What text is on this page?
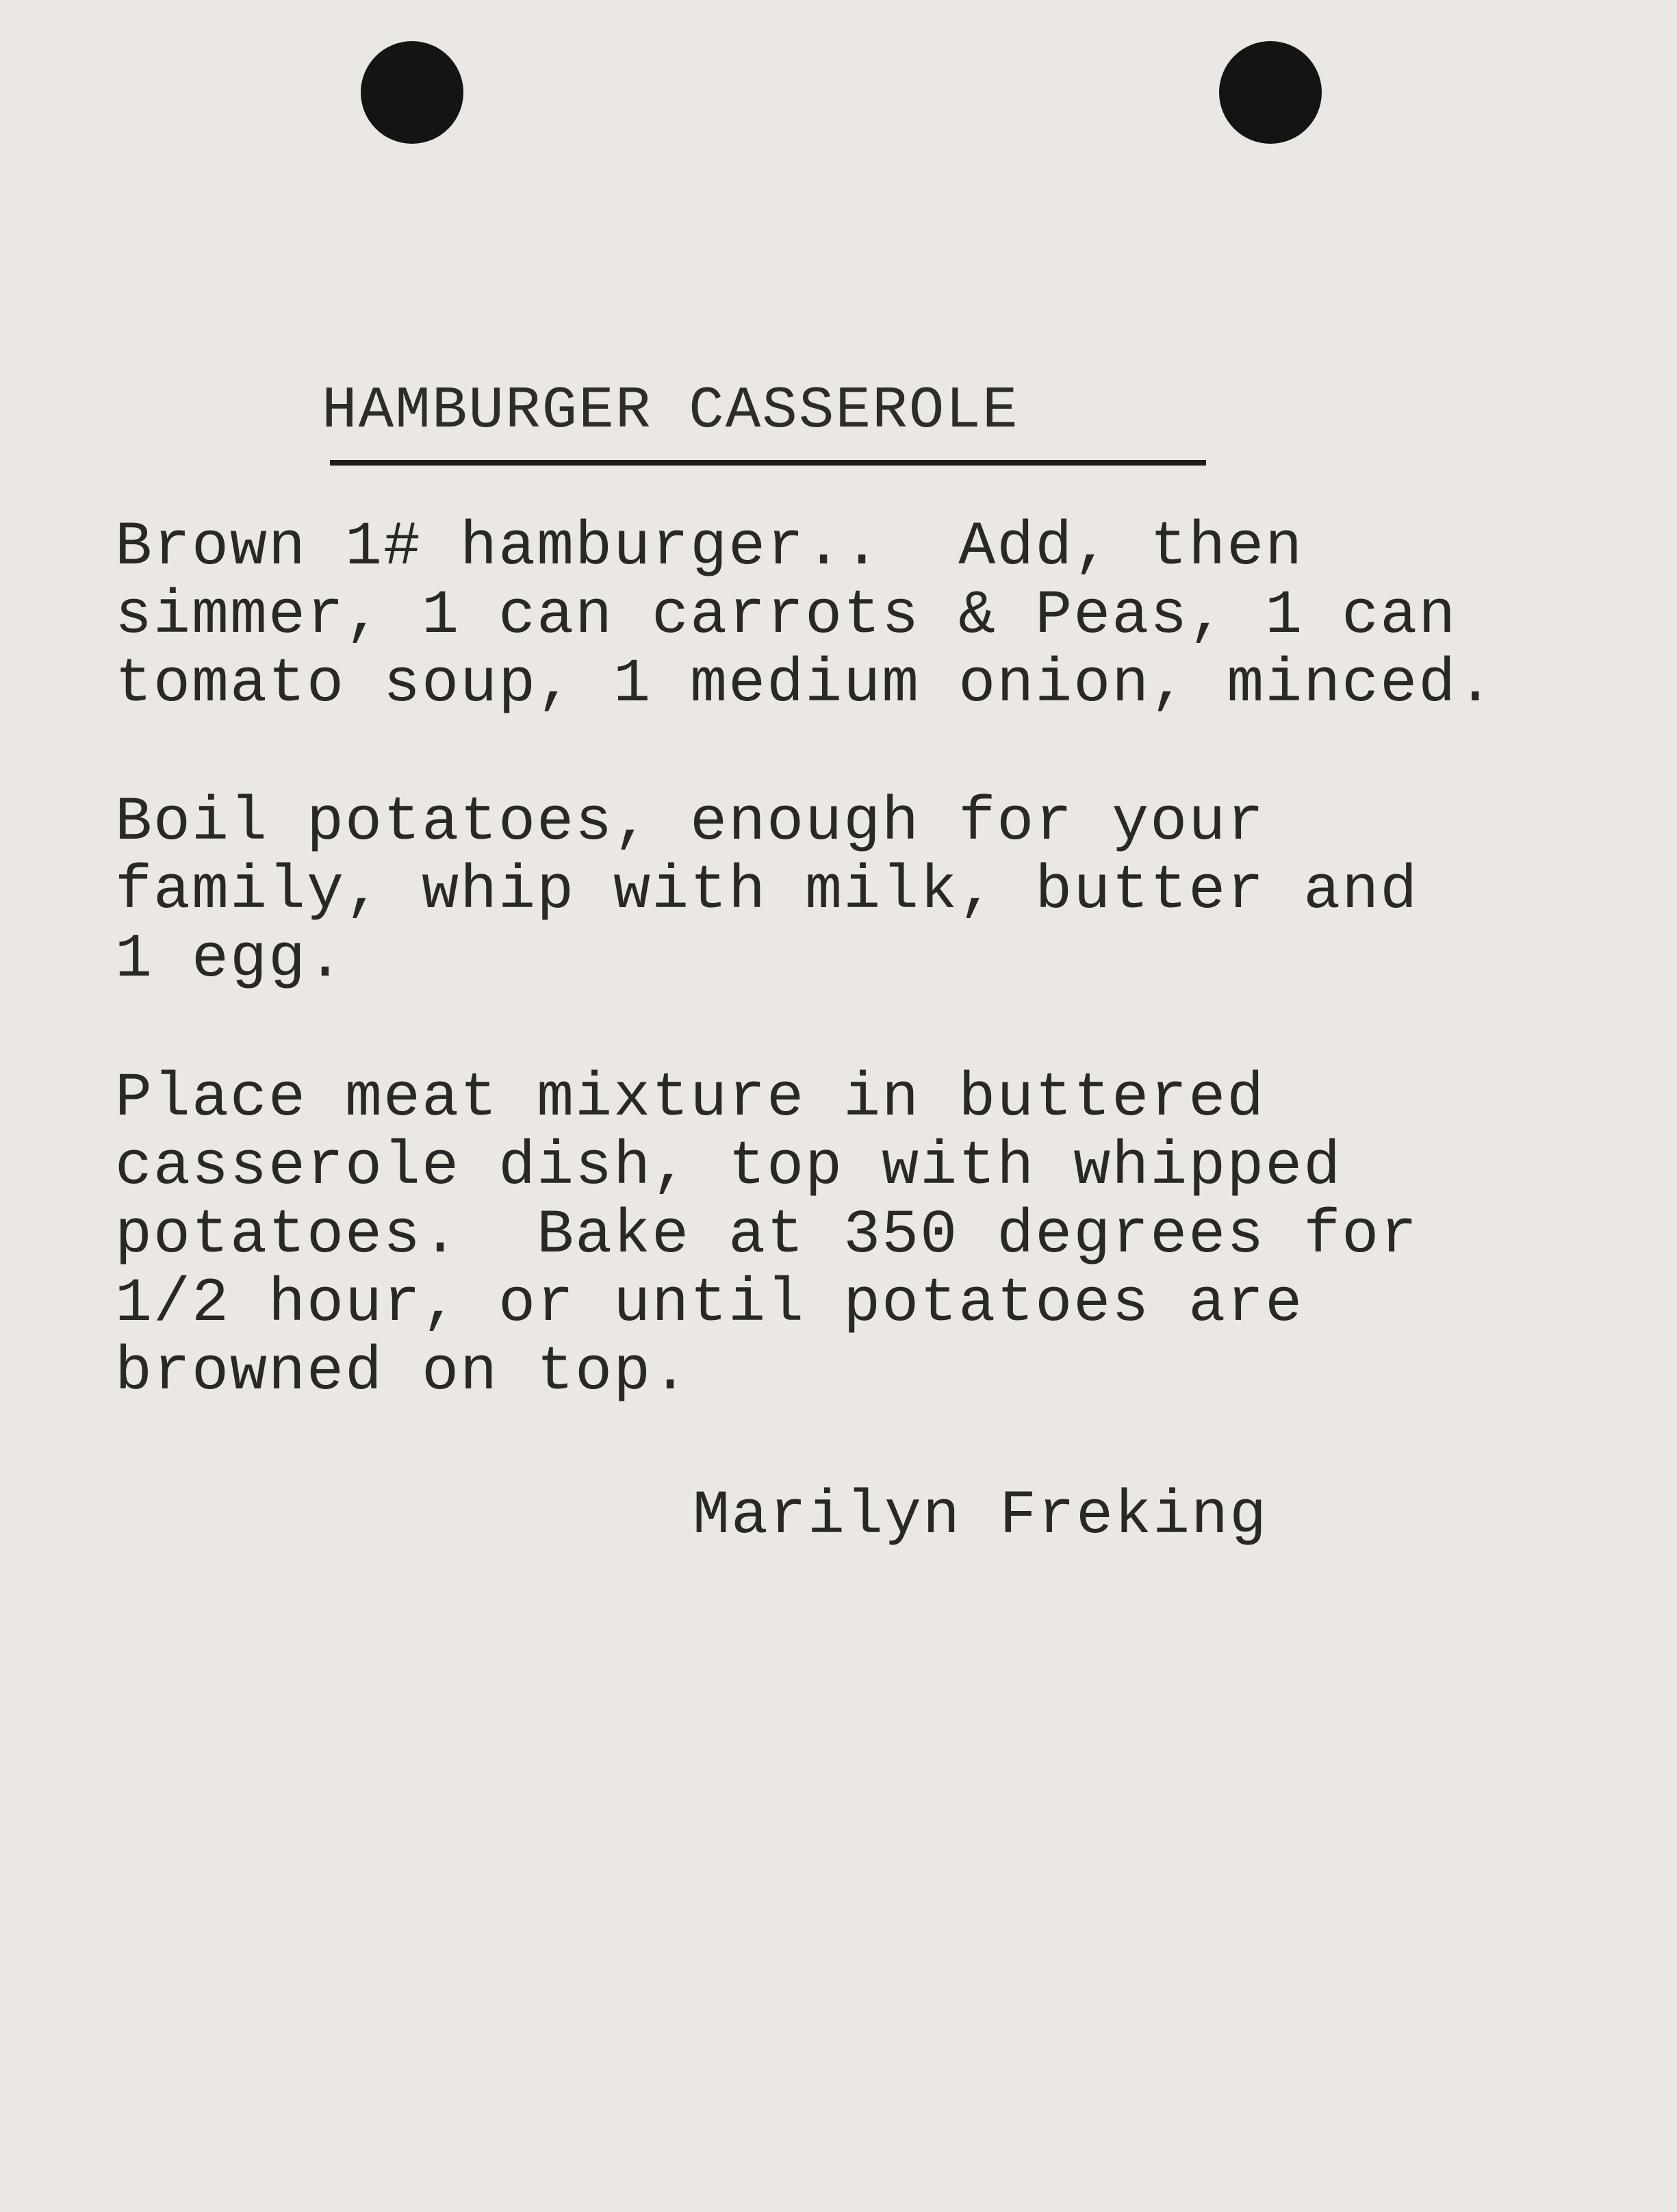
HAMBURGER CASSEROLE

Brown 1# hamburger..  Add, then
simmer, 1 can carrots & Peas, 1 can
tomato soup, 1 medium onion, minced.

Boil potatoes, enough for your
family, whip with milk, butter and
1 egg.

Place meat mixture in buttered
casserole dish, top with whipped
potatoes.  Bake at 350 degrees for
1/2 hour, or until potatoes are
browned on top.

Marilyn Freking
